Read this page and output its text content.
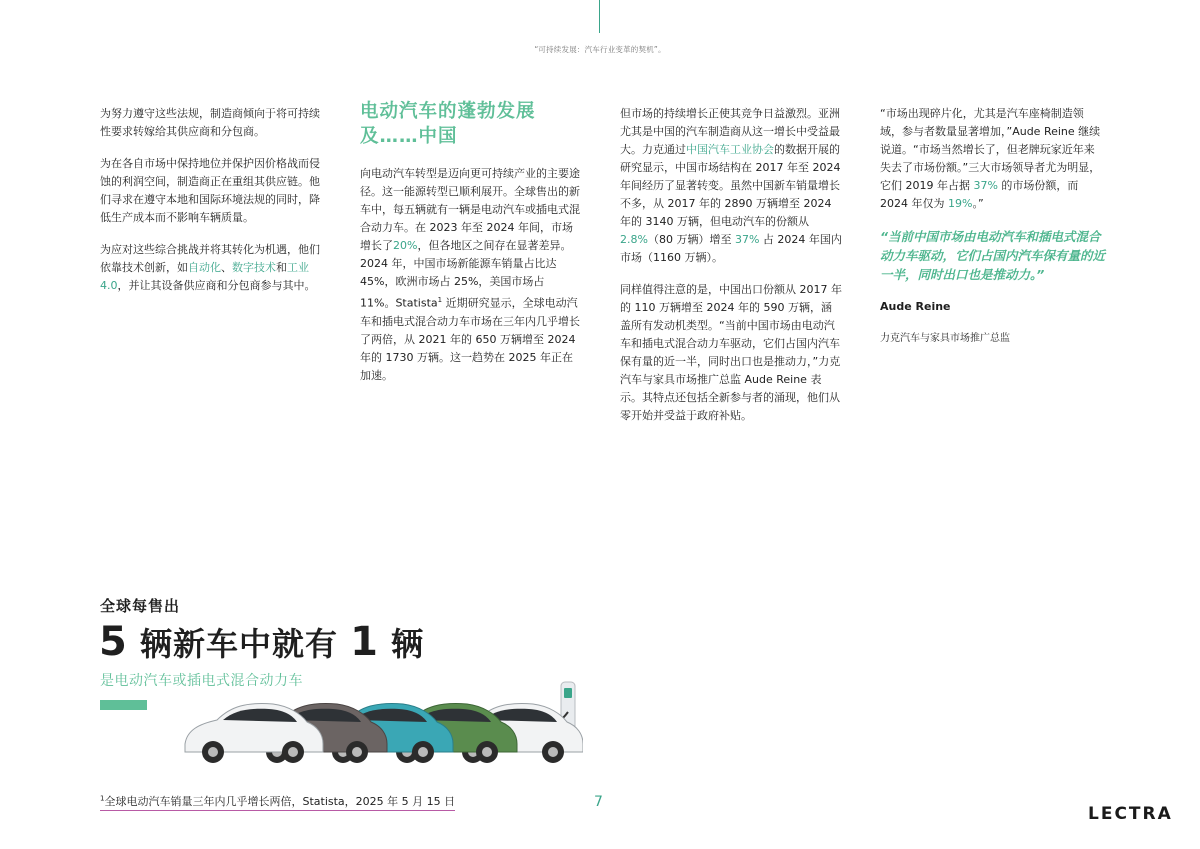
“可持续发展：汽车行业变革的契机”。

为努力遵守这些法规，制造商倾向于将可持续性要求转嫁给其供应商和分包商。

为在各自市场中保持地位并保护因价格战而侵蚀的利润空间，制造商正在重组其供应链。他们寻求在遵守本地和国际环境法规的同时，降低生产成本而不影响车辆质量。

为应对这些综合挑战并将其转化为机遇，他们依靠技术创新，如自动化、数字技术和工业 4.0，并让其设备供应商和分包商参与其中。

电动汽车的蓬勃发展及……中国

向电动汽车转型是迈向更可持续产业的主要途径。这一能源转型已顺利展开。全球售出的新车中，每五辆就有一辆是电动汽车或插电式混合动力车。在 2023 年至 2024 年间，市场增长了20%，但各地区之间存在显著差异。2024 年，中国市场新能源车销量占比达 45%，欧洲市场占 25%，美国市场占 11%。Statista$^1$ 近期研究显示，全球电动汽车和插电式混合动力车市场在三年内几乎增长了两倍，从 2021 年的 650 万辆增至 2024 年的 1730 万辆。这一趋势在 2025 年正在加速。

但市场的持续增长正使其竞争日益激烈。亚洲尤其是中国的汽车制造商从这一增长中受益最大。力克通过中国汽车工业协会的数据开展的研究显示，中国市场结构在 2017 年至 2024 年间经历了显著转变。虽然中国新车销量增长不多，从 2017 年的 2890 万辆增至 2024 年的 3140 万辆，但电动汽车的份额从 2.8%（80 万辆）增至 37% 占 2024 年国内市场（1160 万辆）。

同样值得注意的是，中国出口份额从 2017 年的 110 万辆增至 2024 年的 590 万辆，涵盖所有发动机类型。“当前中国市场由电动汽车和插电式混合动力车驱动，它们占国内汽车保有量的近一半，同时出口也是推动力，”力克汽车与家具市场推广总监 Aude Reine 表示。其特点还包括全新参与者的涌现，他们从零开始并受益于政府补贴。

“市场出现碎片化，尤其是汽车座椅制造领域，参与者数量显著增加，”Aude Reine 继续说道。“市场当然增长了，但老牌玩家近年来失去了市场份额。”三大市场领导者尤为明显，它们 2019 年占据 37% 的市场份额，而 2024 年仅为 19%。”

“当前中国市场由电动汽车和插电式混合动力车驱动，它们占国内汽车保有量的近一半，同时出口也是推动力。”

Aude Reine

力克汽车与家具市场推广总监

全球每售出
5 辆新车中就有 1 辆
是电动汽车或插电式混合动力车
$^1$全球电动汽车销量三年内几乎增长两倍，Statista，2025 年 5 月 15 日	7
LECTRA
